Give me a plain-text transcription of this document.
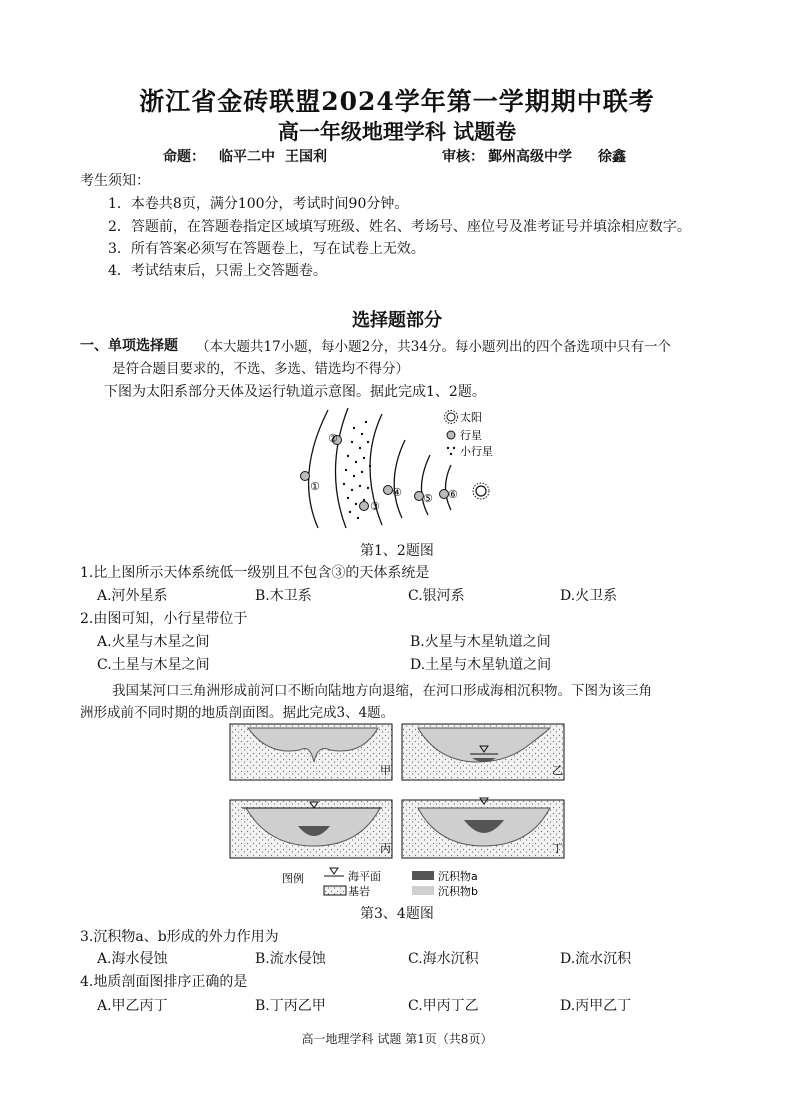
浙江省金砖联盟2024学年第一学期期中联考
高一年级地理学科 试题卷
命题： 临平二中 王国利	审核： 鄞州高级中学 徐鑫
考生须知：
1．本卷共8页，满分100分，考试时间90分钟。
2．答题前，在答题卷指定区域填写班级、姓名、考场号、座位号及准考证号并填涂相应数字。
3．所有答案必须写在答题卷上，写在试卷上无效。
4．考试结束后，只需上交答题卷。
选择题部分
一、单项选择题 （本大题共17小题，每小题2分，共34分。每小题列出的四个备选项中只有一个
是符合题目要求的，不选、多选、错选均不得分）
下图为太阳系部分天体及运行轨道示意图。据此完成1、2题。
①
②
③
④ ⑤ ⑥
太阳
行星
小行星
第1、2题图
1.比上图所示天体系统低一级别且不包含③的天体系统是
A.河外星系	B.木卫系	C.银河系	D.火卫系
2.由图可知，小行星带位于
A.火星与木星之间	B.火星与木星轨道之间
C.土星与木星之间	D.土星与木星轨道之间
我国某河口三角洲形成前河口不断向陆地方向退缩，在河口形成海相沉积物。下图为该三角
洲形成前不同时期的地质剖面图。据此完成3、4题。
甲	乙
丙	丁
图例	海平面
基岩
沉积物a
沉积物b
第3、4题图
3.沉积物a、b形成的外力作用为
A.海水侵蚀	B.流水侵蚀	C.海水沉积	D.流水沉积
4.地质剖面图排序正确的是
A.甲乙丙丁	B.丁丙乙甲	C.甲丙丁乙	D.丙甲乙丁
高一地理学科 试题 第1页（共8页）
